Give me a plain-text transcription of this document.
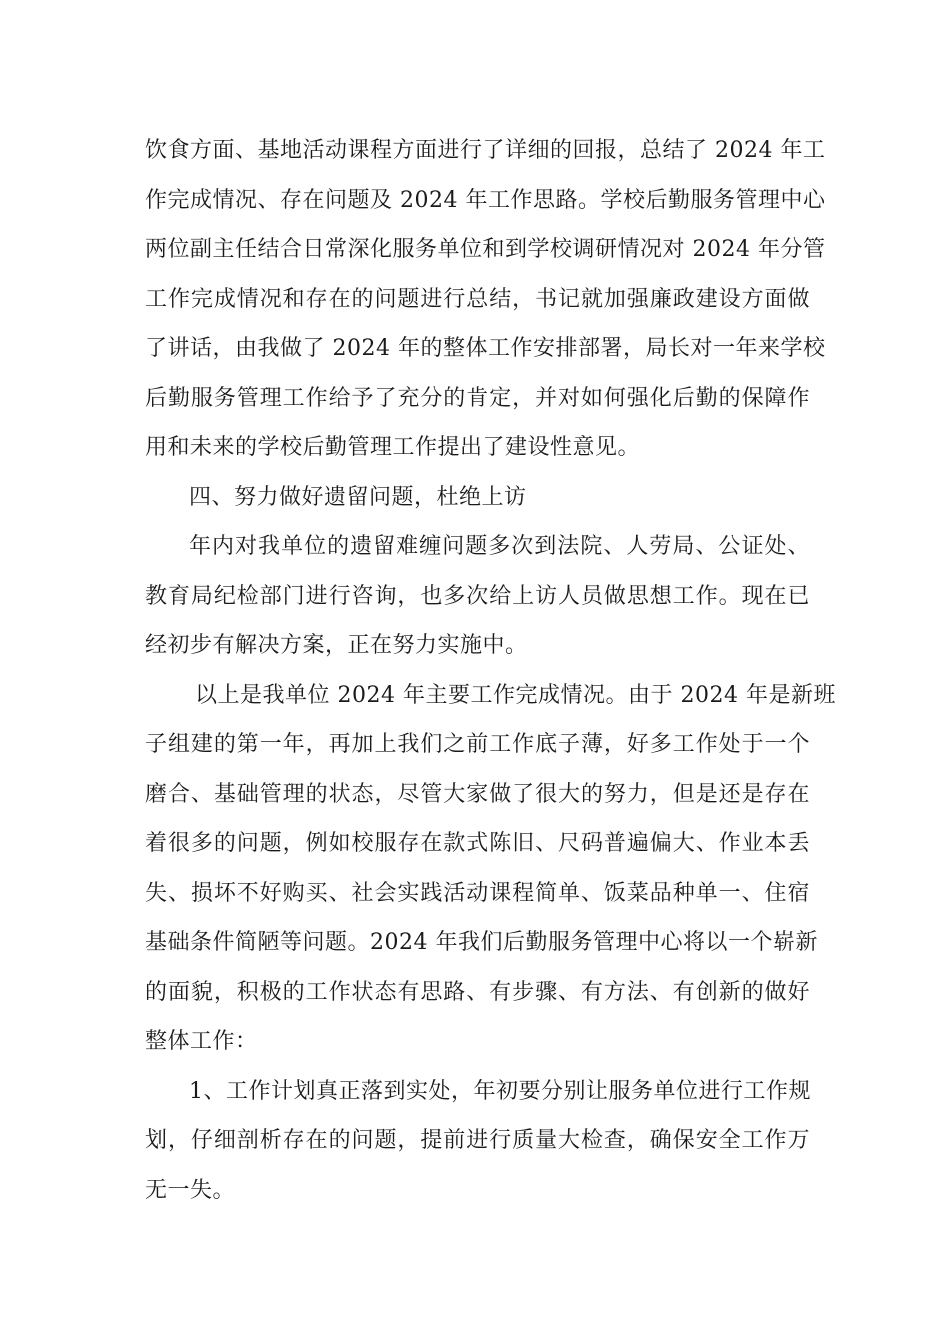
饮食方面、基地活动课程方面进行了详细的回报，总结了 2024 年工
作完成情况、存在问题及 2024 年工作思路。学校后勤服务管理中心
两位副主任结合日常深化服务单位和到学校调研情况对 2024 年分管
工作完成情况和存在的问题进行总结，书记就加强廉政建设方面做
了讲话，由我做了 2024 年的整体工作安排部署，局长对一年来学校
后勤服务管理工作给予了充分的肯定，并对如何强化后勤的保障作
用和未来的学校后勤管理工作提出了建设性意见。
四、努力做好遗留问题，杜绝上访
年内对我单位的遗留难缠问题多次到法院、人劳局、公证处、
教育局纪检部门进行咨询，也多次给上访人员做思想工作。现在已
经初步有解决方案，正在努力实施中。
以上是我单位 2024 年主要工作完成情况。由于 2024 年是新班
子组建的第一年，再加上我们之前工作底子薄，好多工作处于一个
磨合、基础管理的状态，尽管大家做了很大的努力，但是还是存在
着很多的问题，例如校服存在款式陈旧、尺码普遍偏大、作业本丢
失、损坏不好购买、社会实践活动课程简单、饭菜品种单一、住宿
基础条件简陋等问题。2024 年我们后勤服务管理中心将以一个崭新
的面貌，积极的工作状态有思路、有步骤、有方法、有创新的做好
整体工作：
1、工作计划真正落到实处，年初要分别让服务单位进行工作规
划，仔细剖析存在的问题，提前进行质量大检查，确保安全工作万
无一失。
